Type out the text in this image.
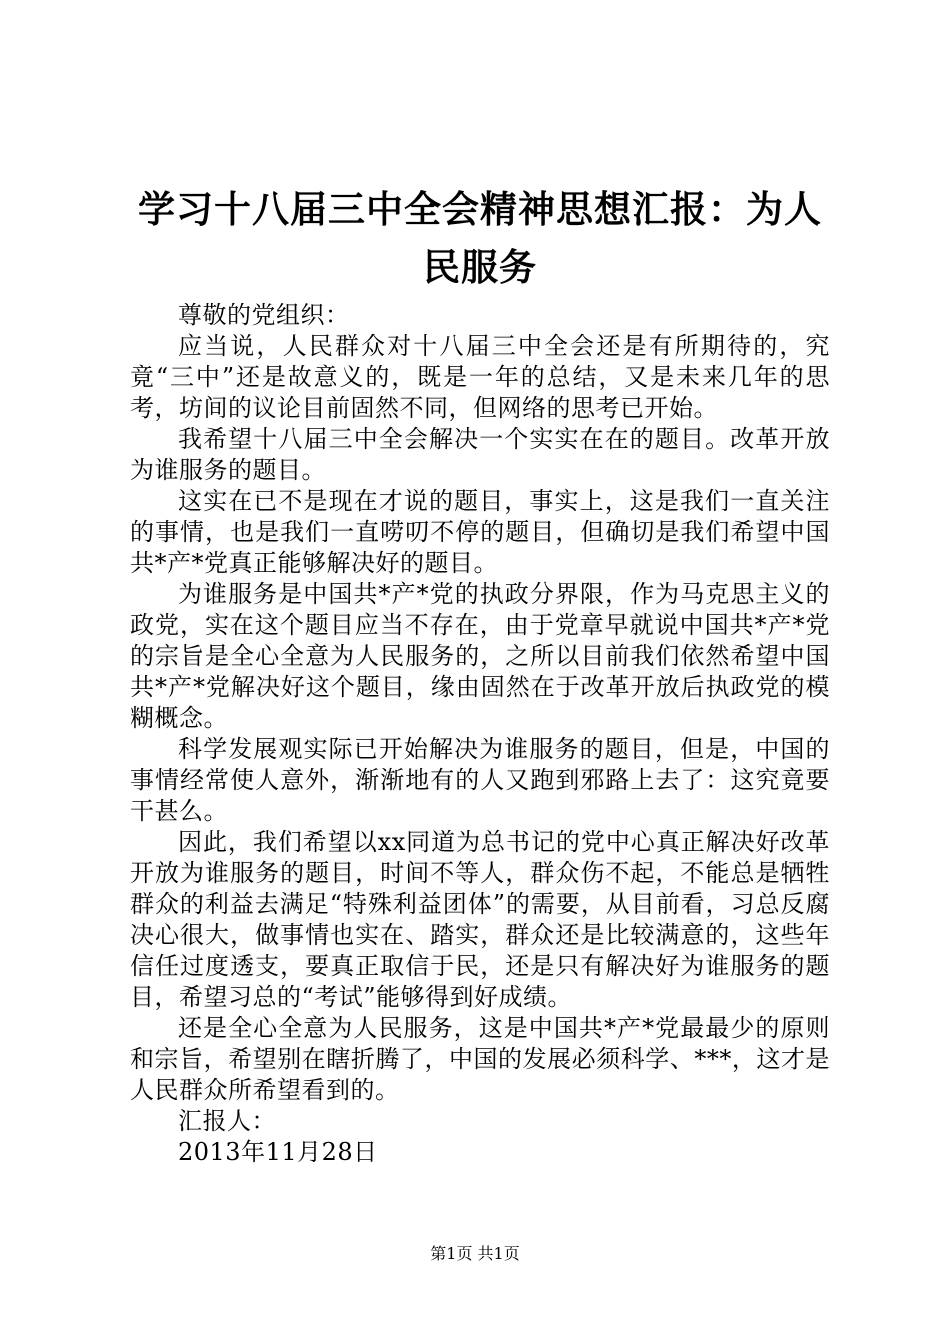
学习十八届三中全会精神思想汇报：为人民服务

尊敬的党组织：

应当说，人民群众对十八届三中全会还是有所期待的，究竟“三中”还是故意义的，既是一年的总结，又是未来几年的思考，坊间的议论目前固然不同，但网络的思考已开始。

我希望十八届三中全会解决一个实实在在的题目。改革开放为谁服务的题目。

这实在已不是现在才说的题目，事实上，这是我们一直关注的事情，也是我们一直唠叨不停的题目，但确切是我们希望中国共*产*党真正能够解决好的题目。

为谁服务是中国共*产*党的执政分界限，作为马克思主义的政党，实在这个题目应当不存在，由于党章早就说中国共*产*党的宗旨是全心全意为人民服务的，之所以目前我们依然希望中国共*产*党解决好这个题目，缘由固然在于改革开放后执政党的模糊概念。

科学发展观实际已开始解决为谁服务的题目，但是，中国的事情经常使人意外，渐渐地有的人又跑到邪路上去了：这究竟要干甚么。

因此，我们希望以xx同道为总书记的党中心真正解决好改革开放为谁服务的题目，时间不等人，群众伤不起，不能总是牺牲群众的利益去满足“特殊利益团体”的需要，从目前看，习总反腐决心很大，做事情也实在、踏实，群众还是比较满意的，这些年信任过度透支，要真正取信于民，还是只有解决好为谁服务的题目，希望习总的“考试”能够得到好成绩。

还是全心全意为人民服务，这是中国共*产*党最最少的原则和宗旨，希望别在瞎折腾了，中国的发展必须科学、***，这才是人民群众所希望看到的。

汇报人：

2013年11月28日

第1页 共1页
